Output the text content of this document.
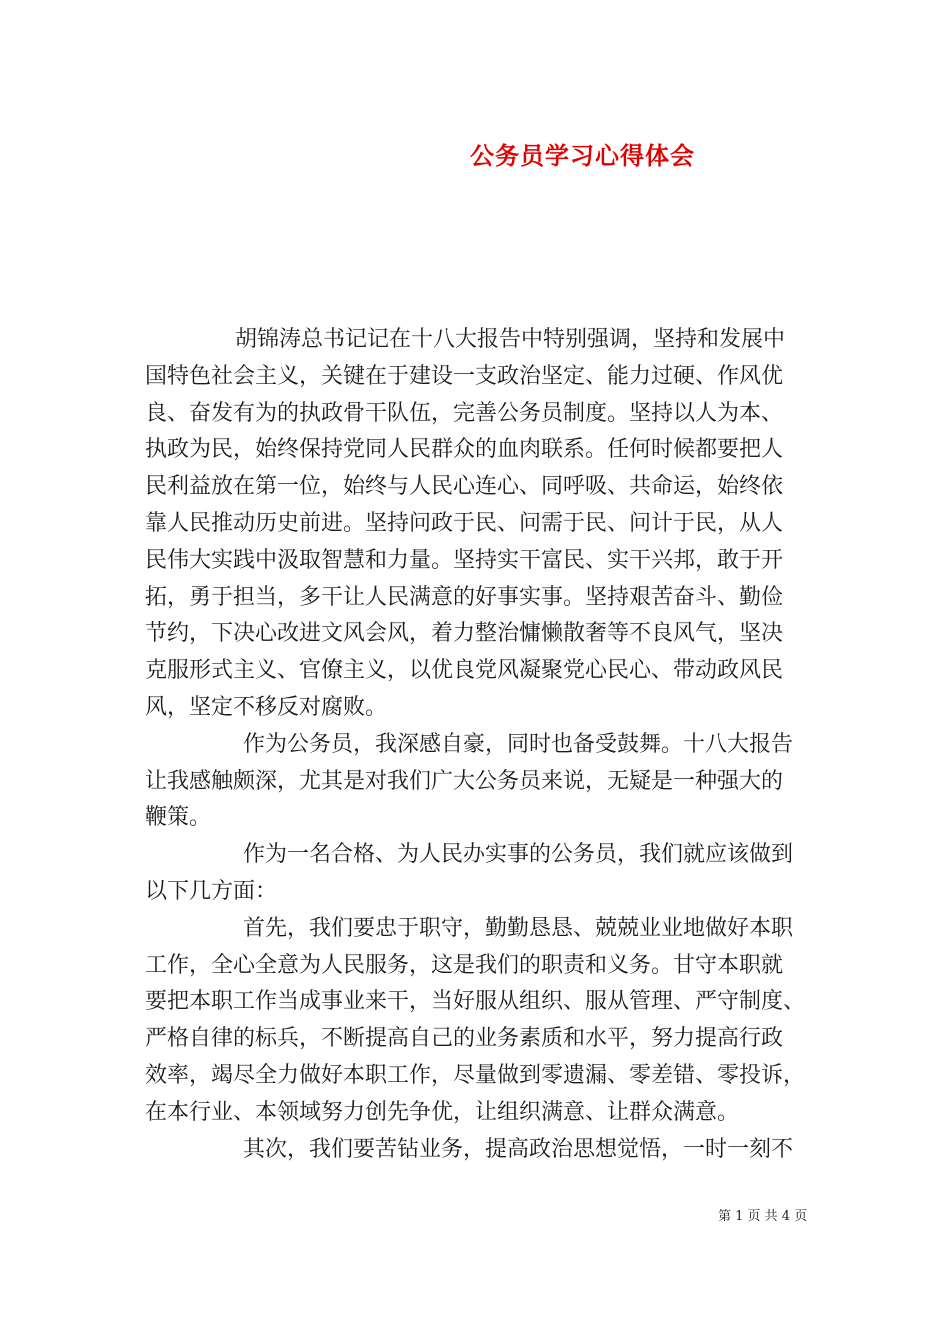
公务员学习心得体会
胡锦涛总书记记在十八大报告中特别强调，坚持和发展中
国特色社会主义，关键在于建设一支政治坚定、能力过硬、作风优
良、奋发有为的执政骨干队伍，完善公务员制度。坚持以人为本、
执政为民，始终保持党同人民群众的血肉联系。任何时候都要把人
民利益放在第一位，始终与人民心连心、同呼吸、共命运，始终依
靠人民推动历史前进。坚持问政于民、问需于民、问计于民，从人
民伟大实践中汲取智慧和力量。坚持实干富民、实干兴邦，敢于开
拓，勇于担当，多干让人民满意的好事实事。坚持艰苦奋斗、勤俭
节约，下决心改进文风会风，着力整治慵懒散奢等不良风气，坚决
克服形式主义、官僚主义，以优良党风凝聚党心民心、带动政风民
风，坚定不移反对腐败。
作为公务员，我深感自豪，同时也备受鼓舞。十八大报告
让我感触颇深，尤其是对我们广大公务员来说，无疑是一种强大的
鞭策。
作为一名合格、为人民办实事的公务员，我们就应该做到
以下几方面：
首先，我们要忠于职守，勤勤恳恳、兢兢业业地做好本职
工作，全心全意为人民服务，这是我们的职责和义务。甘守本职就
要把本职工作当成事业来干，当好服从组织、服从管理、严守制度、
严格自律的标兵，不断提高自己的业务素质和水平，努力提高行政
效率，竭尽全力做好本职工作，尽量做到零遗漏、零差错、零投诉，
在本行业、本领域努力创先争优，让组织满意、让群众满意。
其次，我们要苦钻业务，提高政治思想觉悟，一时一刻不
第 1 页 共 4 页
